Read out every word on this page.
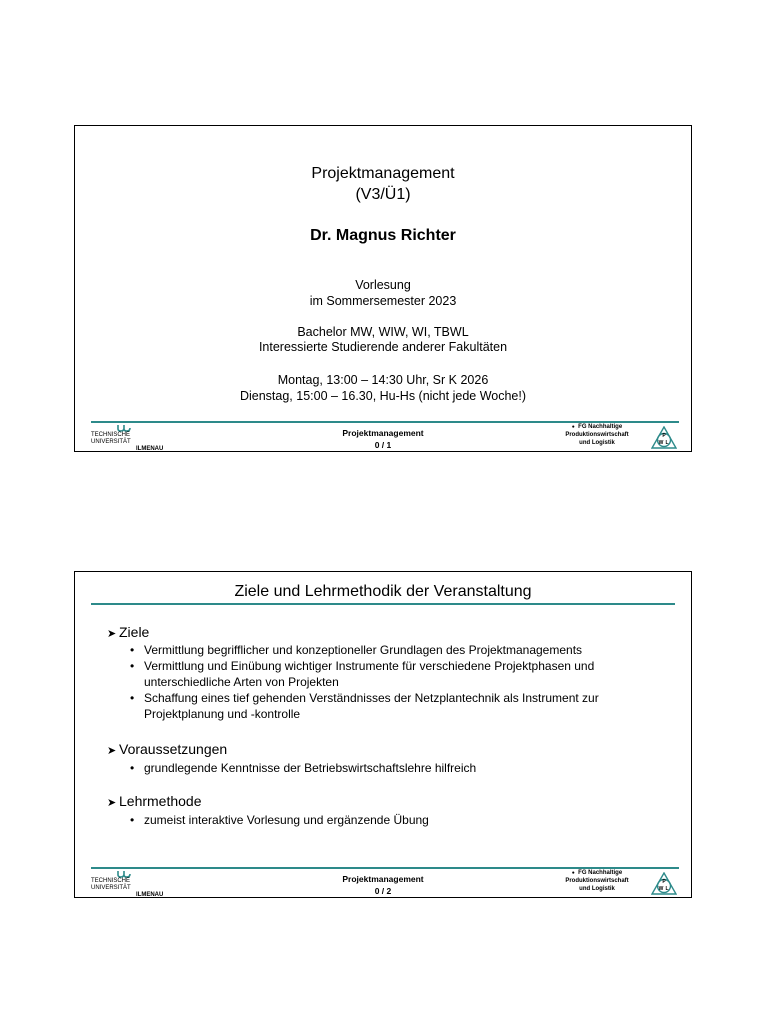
Projektmanagement
(V3/Ü1)
Dr. Magnus Richter
Vorlesung
im Sommersemester 2023
Bachelor MW, WIW, WI, TBWL
Interessierte Studierende anderer Fakultäten
Montag, 13:00 – 14:30 Uhr, Sr K 2026
Dienstag, 15:00 – 16.30, Hu-Hs (nicht jede Woche!)
TECHNISCHE UNIVERSITÄT
ILMENAU
Projektmanagement
0 / 1
● FG Nachhaltige
Produktionswirtschaft
und Logistik
P
W L
Ziele und Lehrmethodik der Veranstaltung
➤ Ziele
• Vermittlung begrifflicher und konzeptioneller Grundlagen des Projektmanagements
• Vermittlung und Einübung wichtiger Instrumente für verschiedene Projektphasen und unterschiedliche Arten von Projekten
• Schaffung eines tief gehenden Verständnisses der Netzplantechnik als Instrument zur Projektplanung und -kontrolle
➤ Voraussetzungen
• grundlegende Kenntnisse der Betriebswirtschaftslehre hilfreich
➤ Lehrmethode
• zumeist interaktive Vorlesung und ergänzende Übung
TECHNISCHE UNIVERSITÄT
ILMENAU
Projektmanagement
0 / 2
● FG Nachhaltige
Produktionswirtschaft
und Logistik
P
W L
